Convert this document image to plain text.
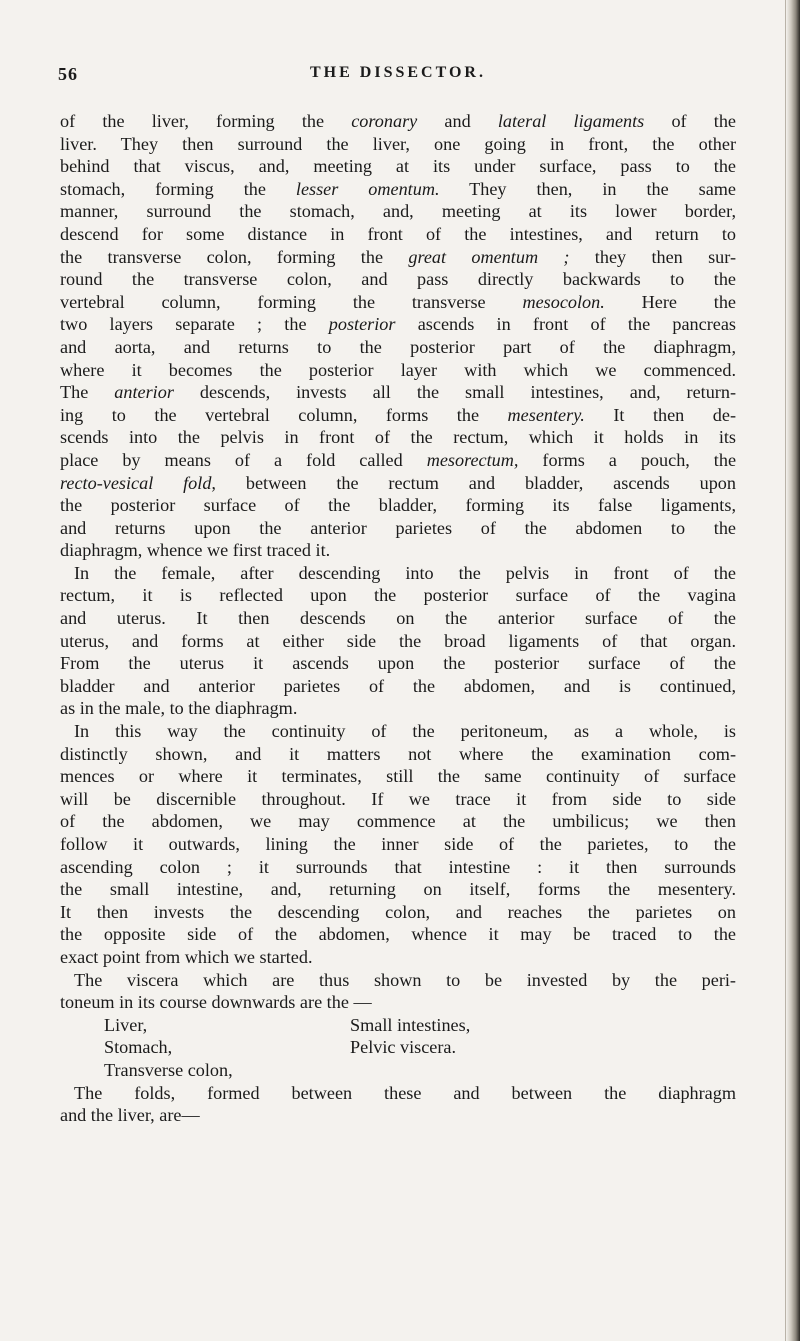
56	THE DISSECTOR.
of the liver, forming the coronary and lateral ligaments of the
liver. They then surround the liver, one going in front, the other
behind that viscus, and, meeting at its under surface, pass to the
stomach, forming the lesser omentum. They then, in the same
manner, surround the stomach, and, meeting at its lower border,
descend for some distance in front of the intestines, and return to
the transverse colon, forming the great omentum ; they then sur-
round the transverse colon, and pass directly backwards to the
vertebral column, forming the transverse mesocolon. Here the
two layers separate ; the posterior ascends in front of the pancreas
and aorta, and returns to the posterior part of the diaphragm,
where it becomes the posterior layer with which we commenced.
The anterior descends, invests all the small intestines, and, return-
ing to the vertebral column, forms the mesentery. It then de-
scends into the pelvis in front of the rectum, which it holds in its
place by means of a fold called mesorectum, forms a pouch, the
recto-vesical fold, between the rectum and bladder, ascends upon
the posterior surface of the bladder, forming its false ligaments,
and returns upon the anterior parietes of the abdomen to the
diaphragm, whence we first traced it.
In the female, after descending into the pelvis in front of the
rectum, it is reflected upon the posterior surface of the vagina
and uterus. It then descends on the anterior surface of the
uterus, and forms at either side the broad ligaments of that organ.
From the uterus it ascends upon the posterior surface of the
bladder and anterior parietes of the abdomen, and is continued,
as in the male, to the diaphragm.
In this way the continuity of the peritoneum, as a whole, is
distinctly shown, and it matters not where the examination com-
mences or where it terminates, still the same continuity of surface
will be discernible throughout. If we trace it from side to side
of the abdomen, we may commence at the umbilicus; we then
follow it outwards, lining the inner side of the parietes, to the
ascending colon ; it surrounds that intestine : it then surrounds
the small intestine, and, returning on itself, forms the mesentery.
It then invests the descending colon, and reaches the parietes on
the opposite side of the abdomen, whence it may be traced to the
exact point from which we started.
The viscera which are thus shown to be invested by the peri-
toneum in its course downwards are the —
Liver,	Small intestines,
Stomach,	Pelvic viscera.
Transverse colon,
The folds, formed between these and between the diaphragm
and the liver, are—
